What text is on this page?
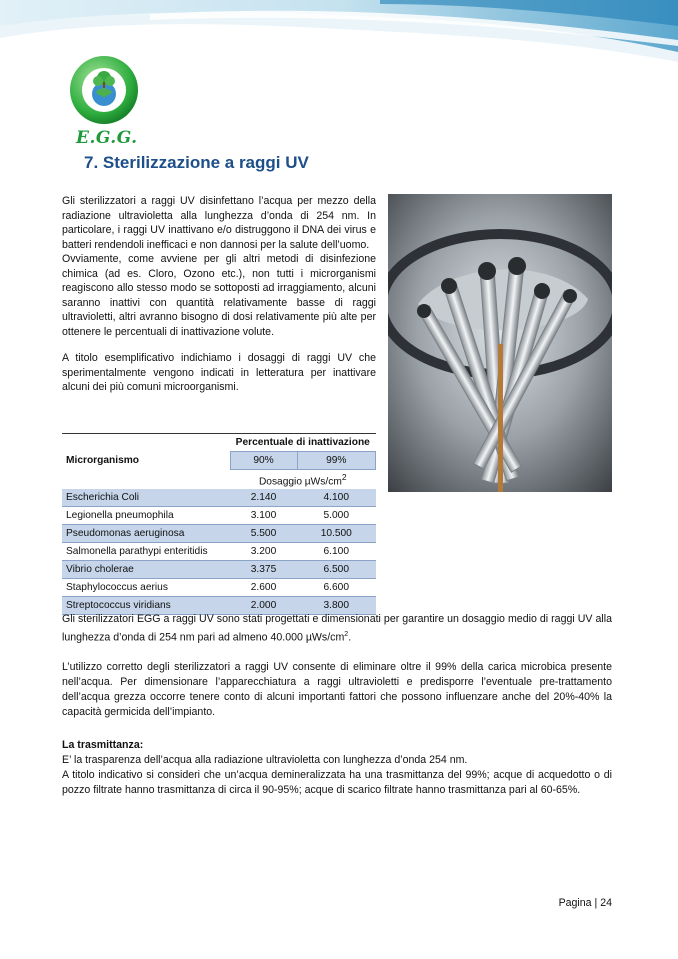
E.G.G.
7. Sterilizzazione a raggi UV

Gli sterilizzatori a raggi UV disinfettano l’acqua per mezzo della radiazione ultravioletta alla lunghezza d’onda di 254 nm. In particolare, i raggi UV inattivano e/o distruggono il DNA dei virus e batteri rendendoli inefficaci e non dannosi per la salute dell’uomo.

Ovviamente, come avviene per gli altri metodi di disinfezione chimica (ad es. Cloro, Ozono etc.), non tutti i microrganismi reagiscono allo stesso modo se sottoposti ad irraggiamento, alcuni saranno inattivi con quantità relativamente basse di raggi ultravioletti, altri avranno bisogno di dosi relativamente più alte per ottenere le percentuali di inattivazione volute.

A titolo esemplificativo indichiamo i dosaggi di raggi UV che sperimentalmente vengono indicati in letteratura per inattivare alcuni dei più comuni microorganismi.

	Percentuale di inattivazione	
Microrganismo	90%	99%
	Dosaggio µWs/$cm^2$
Escherichia Coli	2.140	4.100
Legionella pneumophila	3.100	5.000
Pseudomonas aeruginosa	5.500	10.500
Salmonella parathypi enteritidis	3.200	6.100
Vibrio cholerae	3.375	6.500
Staphylococcus aerius	2.600	6.600
Streptococcus viridians	2.000	3.800

Gli sterilizzatori EGG a raggi UV sono stati progettati e dimensionati per garantire un dosaggio medio di raggi UV alla lunghezza d’onda di 254 nm pari ad almeno 40.000 µWs/$cm^2$.

L’utilizzo corretto degli sterilizzatori a raggi UV consente di eliminare oltre il 99% della carica microbica presente nell’acqua. Per dimensionare l’apparecchiatura a raggi ultravioletti e predisporre l’eventuale pre-trattamento dell’acqua grezza occorre tenere conto di alcuni importanti fattori che possono influenzare anche del 20%-40% la capacità germicida dell’impianto.

La trasmittanza:
E’ la trasparenza dell’acqua alla radiazione ultravioletta con lunghezza d’onda 254 nm.
A titolo indicativo si consideri che un’acqua demineralizzata ha una trasmittanza del 99%; acque di acquedotto o di pozzo filtrate hanno trasmittanza di circa il 90-95%; acque di scarico filtrate hanno trasmittanza pari al 60-65%.

Pagina | 24
